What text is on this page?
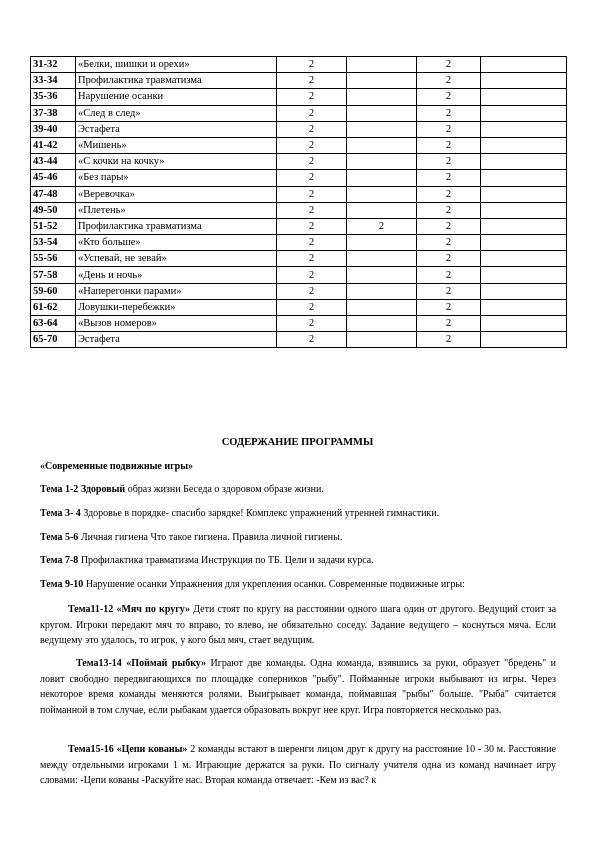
31-32	«Белки, шишки и орехи»	2		2	
33-34	Профилактика травматизма	2		2	
35-36	Нарушение осанки	2		2	
37-38	«След в след»	2		2	
39-40	Эстафета	2		2	
41-42	«Мишень»	2		2	
43-44	«С кочки на кочку»	2		2	
45-46	«Без пары»	2		2	
47-48	«Веревочка»	2		2	
49-50	«Плетень»	2		2	
51-52	Профилактика травматизма	2	2	2	
53-54	«Кто больше»	2		2	
55-56	«Успевай, не зевай»	2		2	
57-58	«День и ночь»	2		2	
59-60	«Наперегонки парами»	2		2	
61-62	Ловушки-перебежки»	2		2	
63-64	«Вызов номеров»	2		2	
65-70	Эстафета	2		2	
СОДЕРЖАНИЕ ПРОГРАММЫ
«Современные подвижные игры»
Тема 1-2 Здоровый образ жизни Беседа о здоровом образе жизни.
Тема 3- 4 Здоровье в порядке- спасибо зарядке! Комплекс упражнений утренней гимнастики.
Тема 5-6 Личная гигиена Что такое гигиена. Правила личной гигиены.
Тема 7-8 Профилактика травматизма Инструкция по ТБ. Цели и задачи курса.
Тема 9-10 Нарушение осанки Упражнения для укрепления осанки. Современные подвижные игры:
Тема11-12 «Мяч по кругу» Дети стоят по кругу на расстоянии одного шага один от другого. Ведущий стоит за кругом. Игроки передают мяч то вправо, то влево, не обязательно соседу. Задание ведущего – коснуться мяча. Если ведущему это удалось, то игрок, у кого был мяч, стает ведущим.
Тема13-14 «Поймай рыбку» Играют две команды. Одна команда, взявшись за руки, образует "бредень" и ловит свободно передвигающихся по площадке соперников "рыбу". Пойманные игроки выбывают из игры. Через некоторое время команды меняются ролями. Выигрывает команда, поймавшая "рыбы" больше. "Рыба" считается пойманной в том случае, если рыбакам удается образовать вокруг нее круг. Игра повторяется несколько раз.
Тема15-16 «Цепи кованы» 2 команды встают в шеренги лицом друг к другу на расстояние 10 - 30 м. Расстояние между отдельными игроками 1 м. Играющие держатся за руки. По сигналу учителя одна из команд начинает игру словами: -Цепи кованы -Раскуйте нас. Вторая команда отвечает: -Кем из вас? к
